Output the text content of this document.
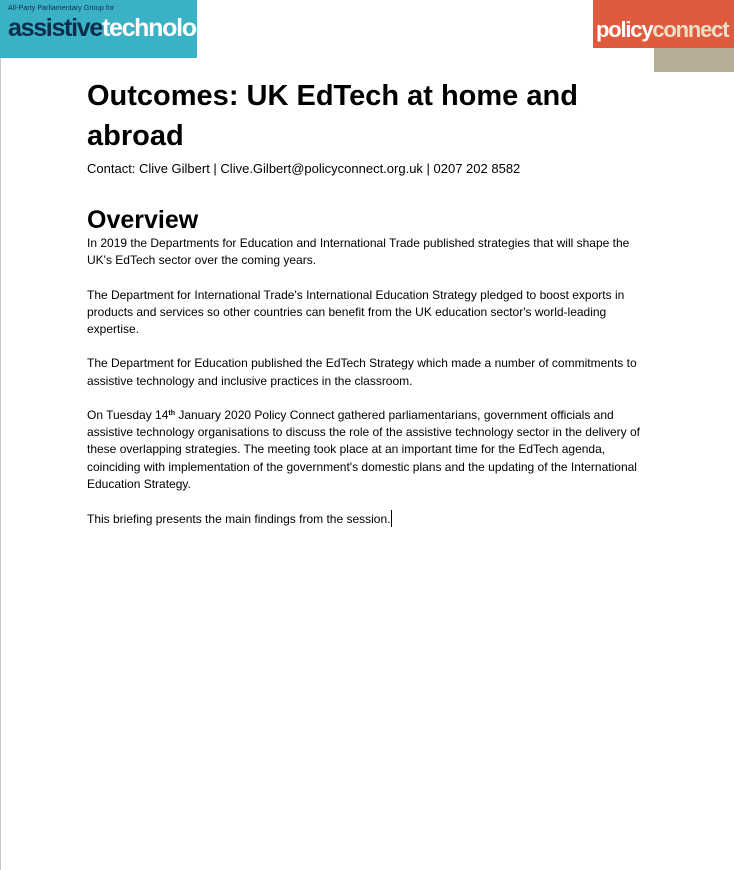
All-Party Parliamentary Group for
assistivetechnology	policyconnect
Outcomes: UK EdTech at home and abroad

Contact: Clive Gilbert | Clive.Gilbert@policyconnect.org.uk | 0207 202 8582

Overview

In 2019 the Departments for Education and International Trade published strategies that will shape the UK's EdTech sector over the coming years.

The Department for International Trade's International Education Strategy pledged to boost exports in products and services so other countries can benefit from the UK education sector's world-leading expertise.

The Department for Education published the EdTech Strategy which made a number of commitments to assistive technology and inclusive practices in the classroom.

On Tuesday 14th January 2020 Policy Connect gathered parliamentarians, government officials and assistive technology organisations to discuss the role of the assistive technology sector in the delivery of these overlapping strategies. The meeting took place at an important time for the EdTech agenda, coinciding with implementation of the government's domestic plans and the updating of the International Education Strategy.

This briefing presents the main findings from the session.
